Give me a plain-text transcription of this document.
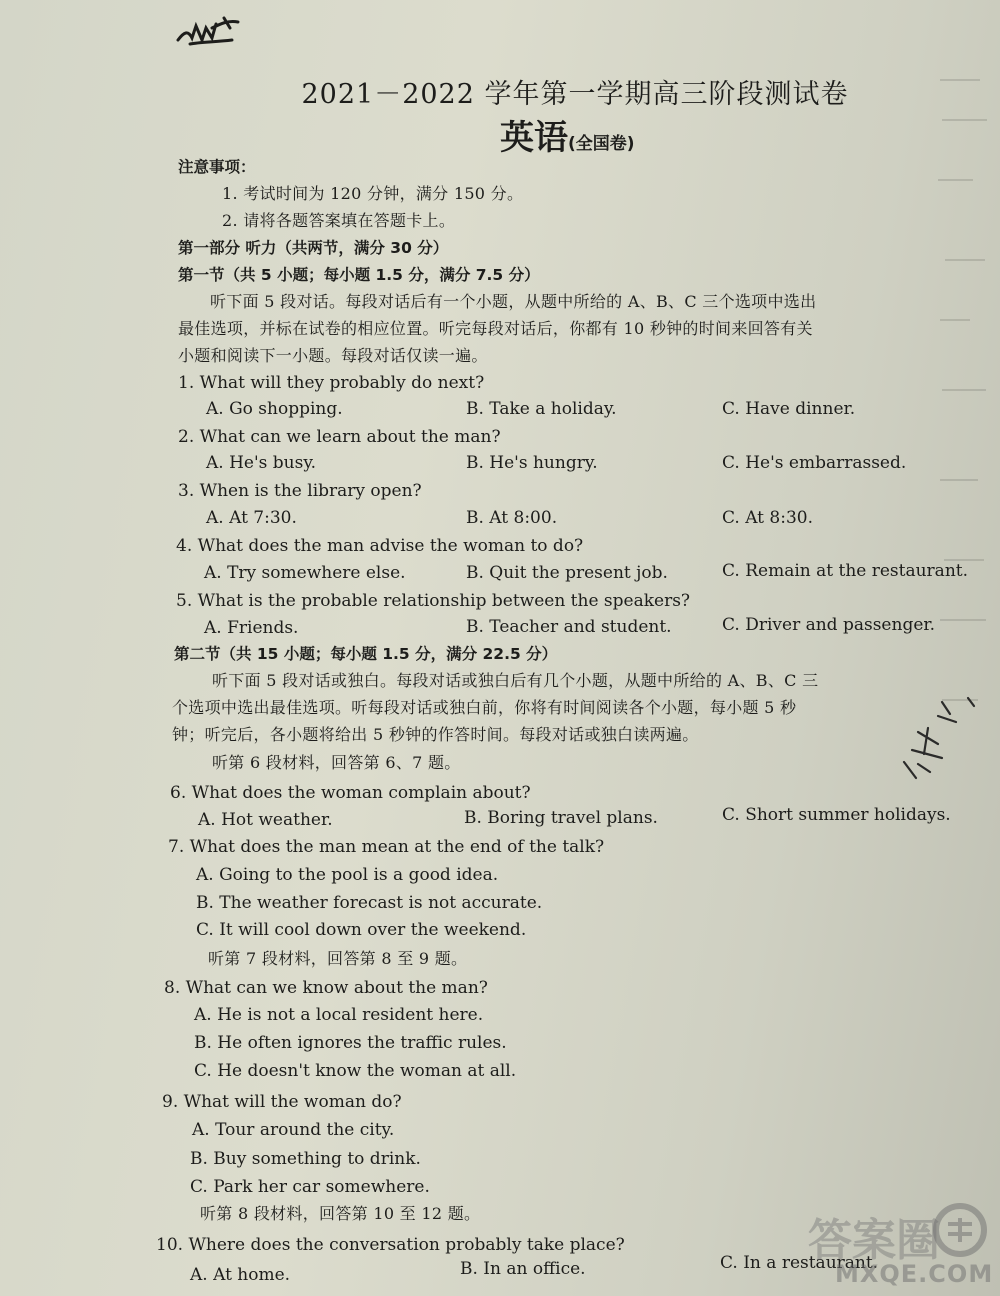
2021－2022 学年第一学期高三阶段测试卷
英语(全国卷)
注意事项：
1. 考试时间为 120 分钟，满分 150 分。
2. 请将各题答案填在答题卡上。
第一部分 听力（共两节，满分 30 分）
第一节（共 5 小题；每小题 1.5 分，满分 7.5 分）
听下面 5 段对话。每段对话后有一个小题，从题中所给的 A、B、C 三个选项中选出
最佳选项，并标在试卷的相应位置。听完每段对话后，你都有 10 秒钟的时间来回答有关
小题和阅读下一小题。每段对话仅读一遍。
1. What will they probably do next?
A. Go shopping.	B. Take a holiday.	C. Have dinner.
2. What can we learn about the man?
A. He's busy.	B. He's hungry.	C. He's embarrassed.
3. When is the library open?
A. At 7:30.	B. At 8:00.	C. At 8:30.
4. What does the man advise the woman to do?
A. Try somewhere else.	B. Quit the present job.	C. Remain at the restaurant.
5. What is the probable relationship between the speakers?
A. Friends.	B. Teacher and student.	C. Driver and passenger.
第二节（共 15 小题；每小题 1.5 分，满分 22.5 分）
听下面 5 段对话或独白。每段对话或独白后有几个小题，从题中所给的 A、B、C 三
个选项中选出最佳选项。听每段对话或独白前，你将有时间阅读各个小题，每小题 5 秒
钟；听完后，各小题将给出 5 秒钟的作答时间。每段对话或独白读两遍。
听第 6 段材料，回答第 6、7 题。
6. What does the woman complain about?
A. Hot weather.	B. Boring travel plans.	C. Short summer holidays.
7. What does the man mean at the end of the talk?
A. Going to the pool is a good idea.
B. The weather forecast is not accurate.
C. It will cool down over the weekend.
听第 7 段材料，回答第 8 至 9 题。
8. What can we know about the man?
A. He is not a local resident here.
B. He often ignores the traffic rules.
C. He doesn't know the woman at all.
9. What will the woman do?
A. Tour around the city.
B. Buy something to drink.
C. Park her car somewhere.
听第 8 段材料，回答第 10 至 12 题。
10. Where does the conversation probably take place?
A. At home.	B. In an office.	C. In a restaurant.
答案圈
MXQE.COM
